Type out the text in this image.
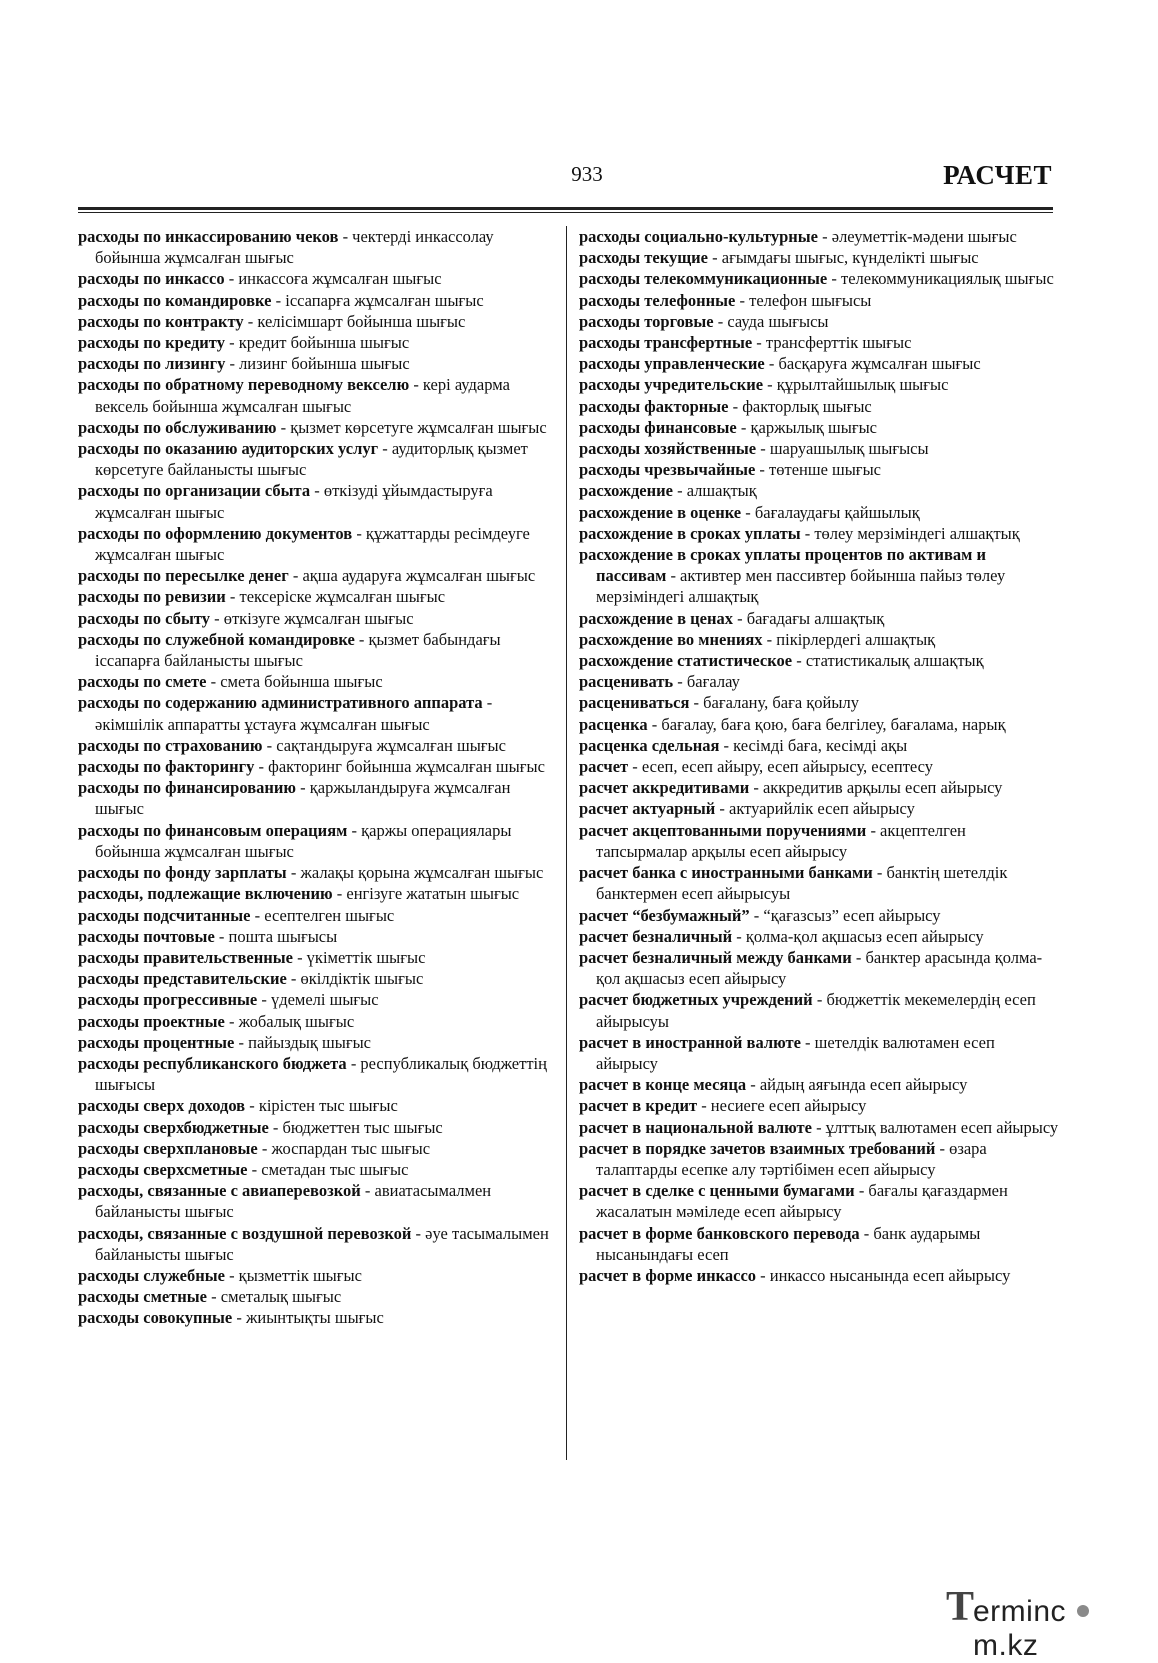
933	РАСЧЕТ

расходы по инкассированию чеков - чектерді инкассолау бойынша жұмсалған шығыс

расходы по инкассо - инкассоға жұмсалған шығыс

расходы по командировке - іссапарға жұмсалған шығыс

расходы по контракту - келісімшарт бойынша шығыс

расходы по кредиту - кредит бойынша шығыс

расходы по лизингу - лизинг бойынша шығыс

расходы по обратному переводному векселю - кері аударма вексель бойынша жұмсалған шығыс

расходы по обслуживанию - қызмет көрсетуге жұмсалған шығыс

расходы по оказанию аудиторских услуг - аудиторлық қызмет көрсетуге байланысты шығыс

расходы по организации сбыта - өткізуді ұйымдастыруға жұмсалған шығыс

расходы по оформлению документов - құжаттарды ресімдеуге жұмсалған шығыс

расходы по пересылке денег - ақша аударуға жұмсалған шығыс

расходы по ревизии - тексеріске жұмсалған шығыс

расходы по сбыту - өткізуге жұмсалған шығыс

расходы по служебной командировке - қызмет бабындағы іссапарға байланысты шығыс

расходы по смете - смета бойынша шығыс

расходы по содержанию административного аппарата - әкімшілік аппаратты ұстауға жұмсалған шығыс

расходы по страхованию - сақтандыруға жұмсалған шығыс

расходы по факторингу - факторинг бойынша жұмсалған шығыс

расходы по финансированию - қаржыландыруға жұмсалған шығыс

расходы по финансовым операциям - қаржы операциялары бойынша жұмсалған шығыс

расходы по фонду зарплаты - жалақы қорына жұмсалған шығыс

расходы, подлежащие включению - енгізуге жататын шығыс

расходы подсчитанные - есептелген шығыс

расходы почтовые - пошта шығысы

расходы правительственные - үкіметтік шығыс

расходы представительские - өкілдіктік шығыс

расходы прогрессивные - үдемелі шығыс

расходы проектные - жобалық шығыс

расходы процентные - пайыздық шығыс

расходы республиканского бюджета - республикалық бюджеттің шығысы

расходы сверх доходов - кірістен тыс шығыс

расходы сверхбюджетные - бюджеттен тыс шығыс

расходы сверхплановые - жоспардан тыс шығыс

расходы сверхсметные - сметадан тыс шығыс

расходы, связанные с авиаперевозкой - авиатасымалмен байланысты шығыс

расходы, связанные с воздушной перевозкой - әуе тасымалымен байланысты шығыс

расходы служебные - қызметтік шығыс

расходы сметные - сметалық шығыс

расходы совокупные - жиынтықты шығыс

расходы социально-культурные - әлеуметтік-мәдени шығыс

расходы текущие - ағымдағы шығыс, күнделікті шығыс

расходы телекоммуникационные - телекоммуникациялық шығыс

расходы телефонные - телефон шығысы

расходы торговые - сауда шығысы

расходы трансфертные - трансферттік шығыс

расходы управленческие - басқаруға жұмсалған шығыс

расходы учредительские - құрылтайшылық шығыс

расходы факторные - факторлық шығыс

расходы финансовые - қаржылық шығыс

расходы хозяйственные - шаруашылық шығысы

расходы чрезвычайные - төтенше шығыс

расхождение - алшақтық

расхождение в оценке - бағалаудағы қайшылық

расхождение в сроках уплаты - төлеу мерзіміндегі алшақтық

расхождение в сроках уплаты процентов по активам и пассивам - активтер мен пассивтер бойынша пайыз төлеу мерзіміндегі алшақтық

расхождение в ценах - бағадағы алшақтық

расхождение во мнениях - пікірлердегі алшақтық

расхождение статистическое - статистикалық алшақтық

расценивать - бағалау

расцениваться - бағалану, баға қойылу

расценка - бағалау, баға қою, баға белгілеу, бағалама, нарық

расценка сдельная - кесімді баға, кесімді ақы

расчет - есеп, есеп айыру, есеп айырысу, есептесу

расчет аккредитивами - аккредитив арқылы есеп айырысу

расчет актуарный - актуарийлік есеп айырысу

расчет акцептованными поручениями - акцептелген тапсырмалар арқылы есеп айырысу

расчет банка с иностранными банками - банктің шетелдік банктермен есеп айырысуы

расчет “безбумажный” - “қағазсыз” есеп айырысу

расчет безналичный - қолма-қол ақшасыз есеп айырысу

расчет безналичный между банками - банктер арасында қолма-қол ақшасыз есеп айырысу

расчет бюджетных учреждений - бюджеттік мекемелердің есеп айырысуы

расчет в иностранной валюте - шетелдік валютамен есеп айырысу

расчет в конце месяца - айдың аяғында есеп айырысу

расчет в кредит - несиеге есеп айырысу

расчет в национальной валюте - ұлттық валютамен есеп айырысу

расчет в порядке зачетов взаимных требований - өзара талаптарды есепке алу тәртібімен есеп айырысу

расчет в сделке с ценными бумагами - бағалы қағаздармен жасалатын мәміледе есеп айырысу

расчет в форме банковского перевода - банк аударымы нысанындағы есеп

расчет в форме инкассо - инкассо нысанында есеп айырысу

T
ermincm.kz
